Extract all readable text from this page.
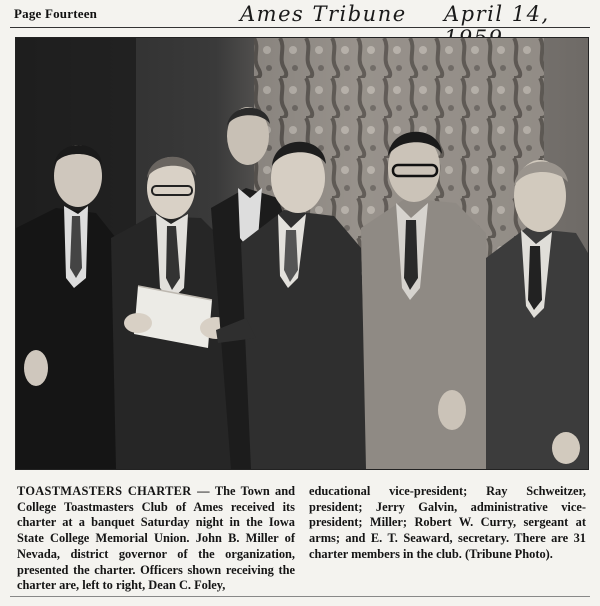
Page Fourteen	Ames Tribune April 14,
TOASTMASTERS CHARTER — The Town and College Toastmasters Club of Ames received its charter at a banquet Saturday night in the Iowa State College Memorial Union. John B. Miller of Nevada, district governor of the organization, presented the charter. Officers shown receiving the charter are, left to right, Dean C. Foley,
educational vice-president; Ray Schweitzer, president; Jerry Galvin, administrative vice-president; Miller; Robert W. Curry, sergeant at arms; and E. T. Seaward, secretary. There are 31 charter members in the club. (Tribune Photo).
